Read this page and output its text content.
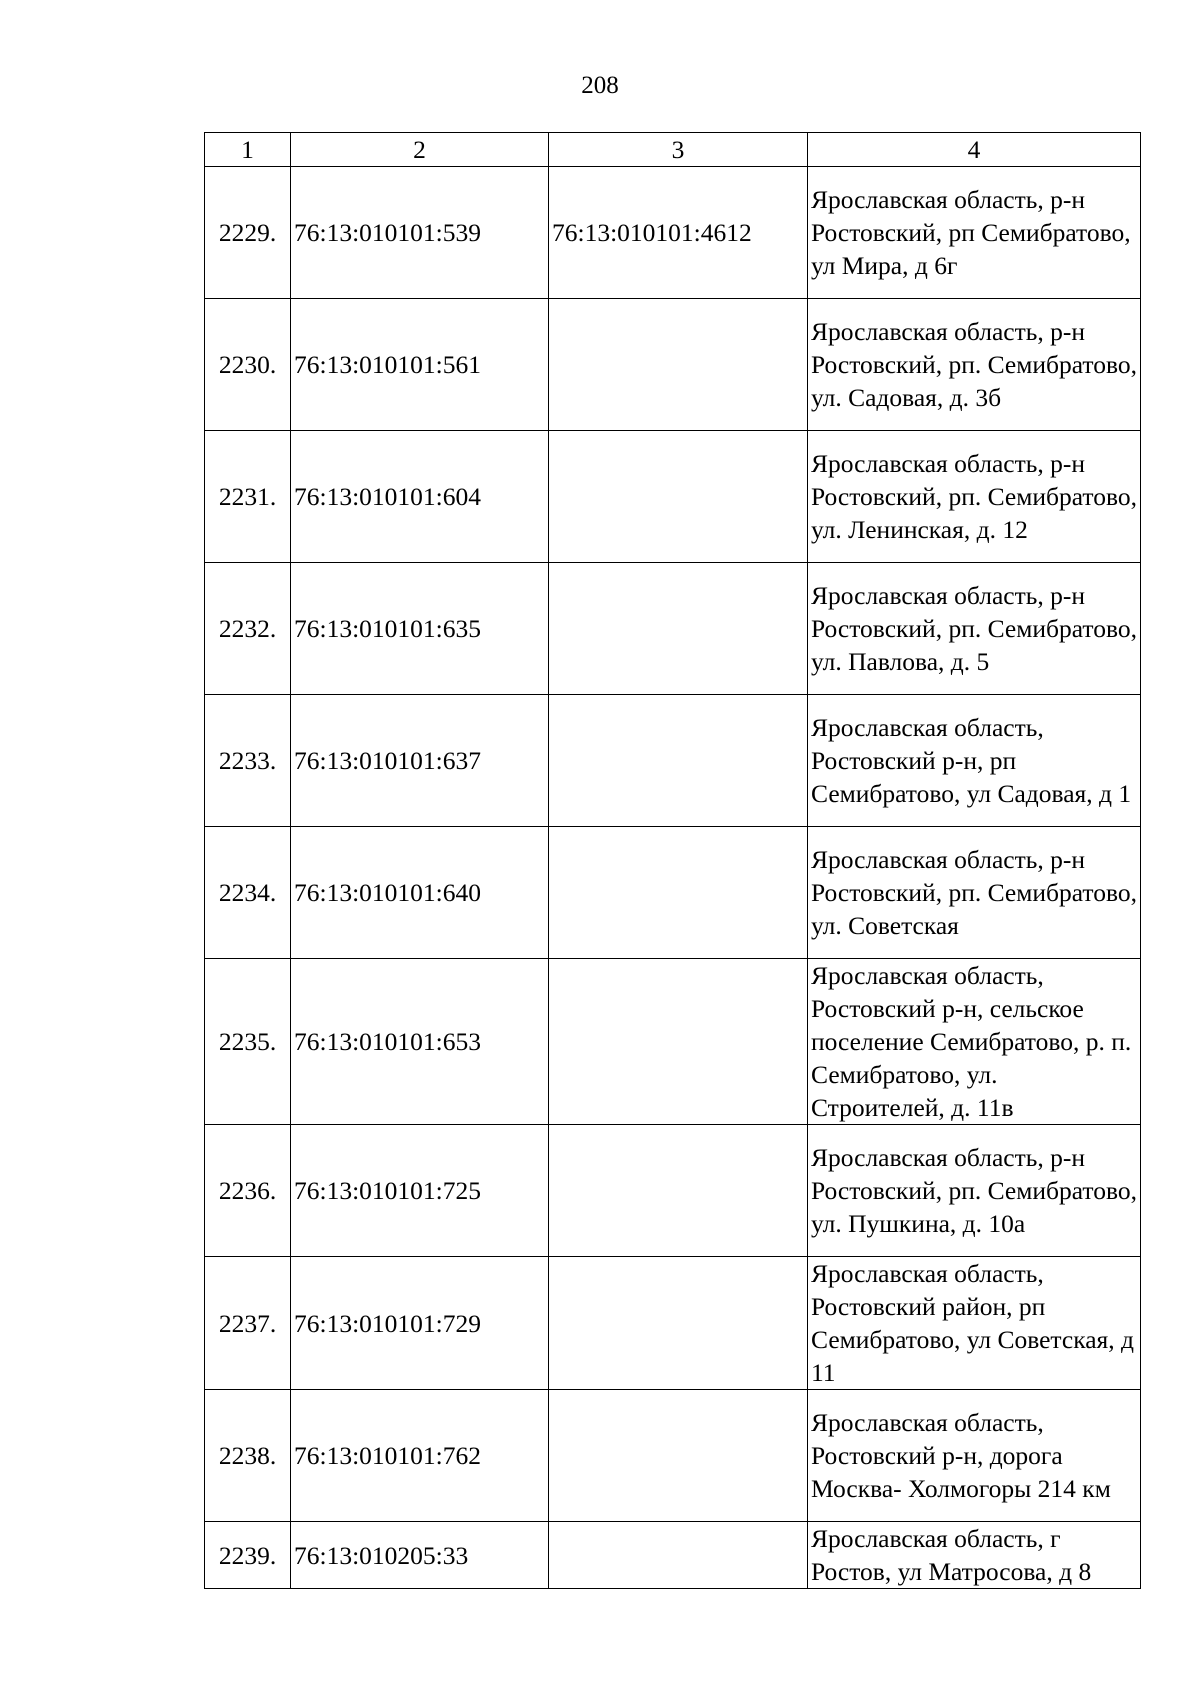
208
1	2	3	4
2229.	76:13:010101:539	76:13:010101:4612	Ярославская область, р-н Ростовский, рп Семибратово, ул Мира, д 6г
2230.	76:13:010101:561		Ярославская область, р-н Ростовский, рп. Семибратово, ул. Садовая, д. 3б
2231.	76:13:010101:604		Ярославская область, р-н Ростовский, рп. Семибратово, ул. Ленинская, д. 12
2232.	76:13:010101:635		Ярославская область, р-н Ростовский, рп. Семибратово, ул. Павлова, д. 5
2233.	76:13:010101:637		Ярославская область, Ростовский р-н, рп Семибратово, ул Садовая, д 1
2234.	76:13:010101:640		Ярославская область, р-н Ростовский, рп. Семибратово, ул. Советская
2235.	76:13:010101:653		Ярославская область, Ростовский р-н, сельское поселение Семибратово, р. п. Семибратово, ул. Строителей, д. 11в
2236.	76:13:010101:725		Ярославская область, р-н Ростовский, рп. Семибратово, ул. Пушкина, д. 10а
2237.	76:13:010101:729		Ярославская область, Ростовский район, рп Семибратово, ул Советская, д 11
2238.	76:13:010101:762		Ярославская область, Ростовский р-н, дорога Москва- Холмогоры 214 км
2239.	76:13:010205:33		Ярославская область, г Ростов, ул Матросова, д 8
